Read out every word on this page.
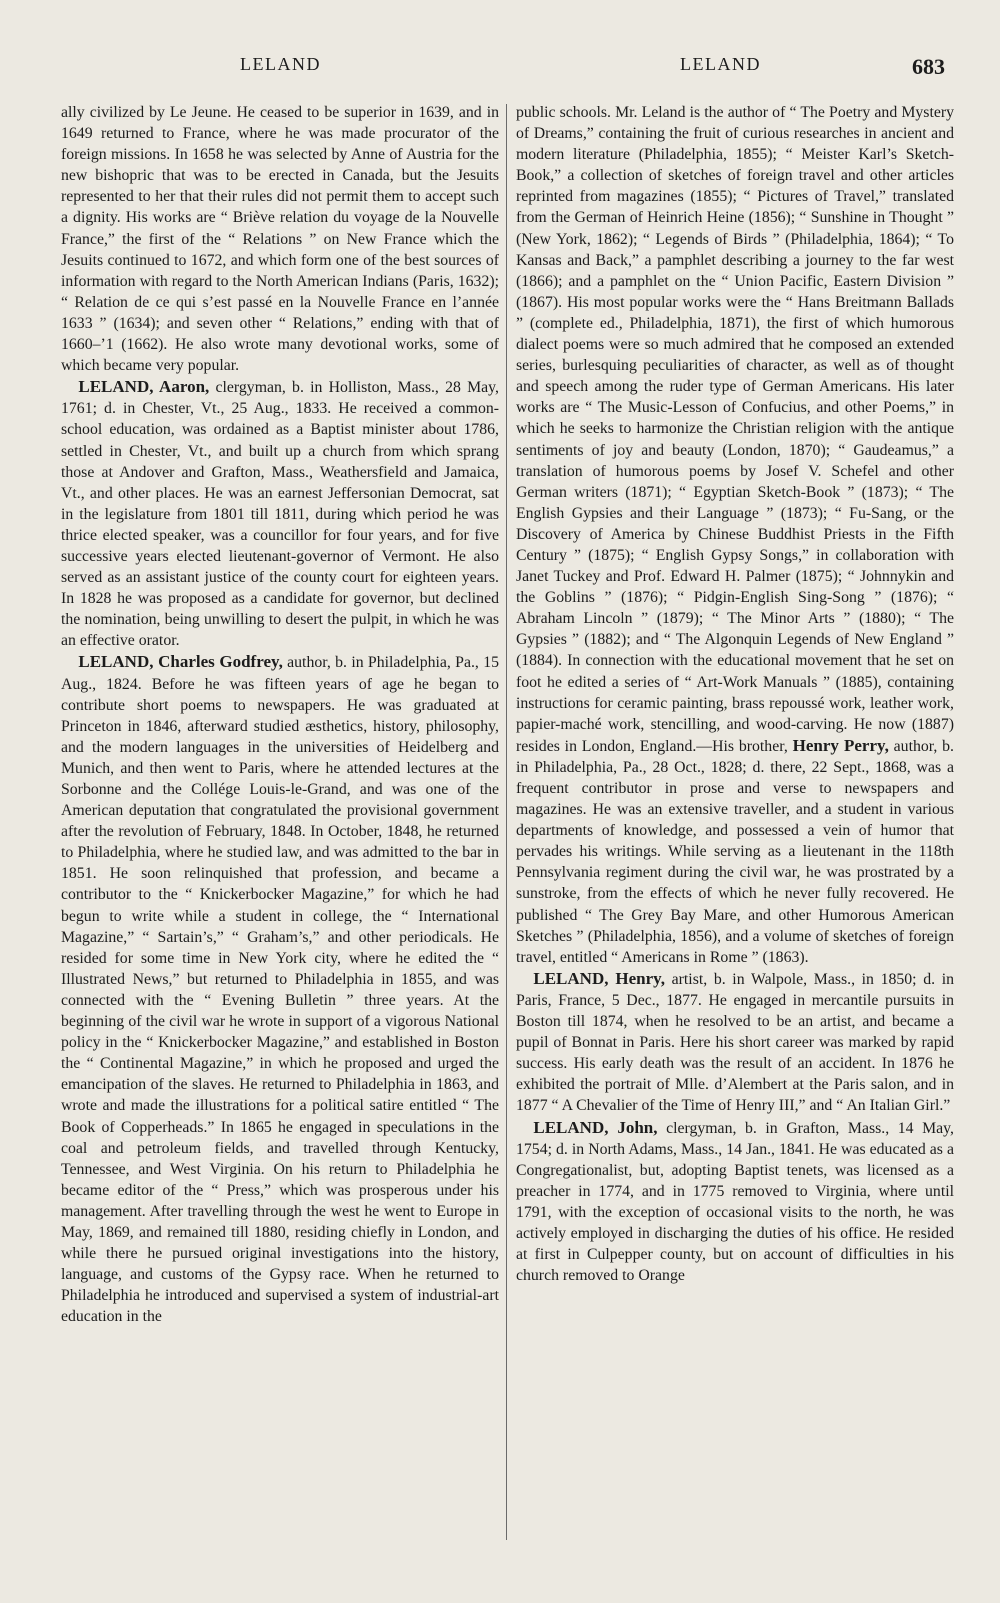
LELAND	LELAND	683

ally civilized by Le Jeune. He ceased to be superior in 1639, and in 1649 returned to France, where he was made procurator of the foreign missions. In 1658 he was selected by Anne of Austria for the new bishopric that was to be erected in Canada, but the Jesuits represented to her that their rules did not permit them to accept such a dignity. His works are “ Briève relation du voyage de la Nouvelle France,” the first of the “ Relations ” on New France which the Jesuits continued to 1672, and which form one of the best sources of information with regard to the North American Indians (Paris, 1632); “ Relation de ce qui s’est passé en la Nouvelle France en l’année 1633 ” (1634); and seven other “ Relations,” ending with that of 1660–’1 (1662). He also wrote many devotional works, some of which became very popular.

LELAND, Aaron, clergyman, b. in Holliston, Mass., 28 May, 1761; d. in Chester, Vt., 25 Aug., 1833. He received a common-school education, was ordained as a Baptist minister about 1786, settled in Chester, Vt., and built up a church from which sprang those at Andover and Grafton, Mass., Weathersfield and Jamaica, Vt., and other places. He was an earnest Jeffersonian Democrat, sat in the legislature from 1801 till 1811, during which period he was thrice elected speaker, was a councillor for four years, and for five successive years elected lieutenant-governor of Vermont. He also served as an assistant justice of the county court for eighteen years. In 1828 he was proposed as a candidate for governor, but declined the nomination, being unwilling to desert the pulpit, in which he was an effective orator.

LELAND, Charles Godfrey, author, b. in Philadelphia, Pa., 15 Aug., 1824. Before he was fifteen years of age he began to contribute short poems to newspapers. He was graduated at Princeton in 1846, afterward studied æsthetics, history, philosophy, and the modern languages in the universities of Heidelberg and Munich, and then went to Paris, where he attended lectures at the Sorbonne and the Collége Louis-le-Grand, and was one of the American deputation that congratulated the provisional government after the revolution of February, 1848. In October, 1848, he returned to Philadelphia, where he studied law, and was admitted to the bar in 1851. He soon relinquished that profession, and became a contributor to the “ Knickerbocker Magazine,” for which he had begun to write while a student in college, the “ International Magazine,” “ Sartain’s,” “ Graham’s,” and other periodicals. He resided for some time in New York city, where he edited the “ Illustrated News,” but returned to Philadelphia in 1855, and was connected with the “ Evening Bulletin ” three years. At the beginning of the civil war he wrote in support of a vigorous National policy in the “ Knickerbocker Magazine,” and established in Boston the “ Continental Magazine,” in which he proposed and urged the emancipation of the slaves. He returned to Philadelphia in 1863, and wrote and made the illustrations for a political satire entitled “ The Book of Copperheads.” In 1865 he engaged in speculations in the coal and petroleum fields, and travelled through Kentucky, Tennessee, and West Virginia. On his return to Philadelphia he became editor of the “ Press,” which was prosperous under his management. After travelling through the west he went to Europe in May, 1869, and remained till 1880, residing chiefly in London, and while there he pursued original investigations into the history, language, and customs of the Gypsy race. When he returned to Philadelphia he introduced and supervised a system of industrial-art education in the

public schools. Mr. Leland is the author of “ The Poetry and Mystery of Dreams,” containing the fruit of curious researches in ancient and modern literature (Philadelphia, 1855); “ Meister Karl’s Sketch-Book,” a collection of sketches of foreign travel and other articles reprinted from magazines (1855); “ Pictures of Travel,” translated from the German of Heinrich Heine (1856); “ Sunshine in Thought ” (New York, 1862); “ Legends of Birds ” (Philadelphia, 1864); “ To Kansas and Back,” a pamphlet describing a journey to the far west (1866); and a pamphlet on the “ Union Pacific, Eastern Division ” (1867). His most popular works were the “ Hans Breitmann Ballads ” (complete ed., Philadelphia, 1871), the first of which humorous dialect poems were so much admired that he composed an extended series, burlesquing peculiarities of character, as well as of thought and speech among the ruder type of German Americans. His later works are “ The Music-Lesson of Confucius, and other Poems,” in which he seeks to harmonize the Christian religion with the antique sentiments of joy and beauty (London, 1870); “ Gaudeamus,” a translation of humorous poems by Josef V. Schefel and other German writers (1871); “ Egyptian Sketch-Book ” (1873); “ The English Gypsies and their Language ” (1873); “ Fu-Sang, or the Discovery of America by Chinese Buddhist Priests in the Fifth Century ” (1875); “ English Gypsy Songs,” in collaboration with Janet Tuckey and Prof. Edward H. Palmer (1875); “ Johnnykin and the Goblins ” (1876); “ Pidgin-English Sing-Song ” (1876); “ Abraham Lincoln ” (1879); “ The Minor Arts ” (1880); “ The Gypsies ” (1882); and “ The Algonquin Legends of New England ” (1884). In connection with the educational movement that he set on foot he edited a series of “ Art-Work Manuals ” (1885), containing instructions for ceramic painting, brass repoussé work, leather work, papier-maché work, stencilling, and wood-carving. He now (1887) resides in London, England.—His brother, Henry Perry, author, b. in Philadelphia, Pa., 28 Oct., 1828; d. there, 22 Sept., 1868, was a frequent contributor in prose and verse to newspapers and magazines. He was an extensive traveller, and a student in various departments of knowledge, and possessed a vein of humor that pervades his writings. While serving as a lieutenant in the 118th Pennsylvania regiment during the civil war, he was prostrated by a sunstroke, from the effects of which he never fully recovered. He published “ The Grey Bay Mare, and other Humorous American Sketches ” (Philadelphia, 1856), and a volume of sketches of foreign travel, entitled “ Americans in Rome ” (1863).

LELAND, Henry, artist, b. in Walpole, Mass., in 1850; d. in Paris, France, 5 Dec., 1877. He engaged in mercantile pursuits in Boston till 1874, when he resolved to be an artist, and became a pupil of Bonnat in Paris. Here his short career was marked by rapid success. His early death was the result of an accident. In 1876 he exhibited the portrait of Mlle. d’Alembert at the Paris salon, and in 1877 “ A Chevalier of the Time of Henry III,” and “ An Italian Girl.”

LELAND, John, clergyman, b. in Grafton, Mass., 14 May, 1754; d. in North Adams, Mass., 14 Jan., 1841. He was educated as a Congregationalist, but, adopting Baptist tenets, was licensed as a preacher in 1774, and in 1775 removed to Virginia, where until 1791, with the exception of occasional visits to the north, he was actively employed in discharging the duties of his office. He resided at first in Culpepper county, but on account of difficulties in his church removed to Orange
